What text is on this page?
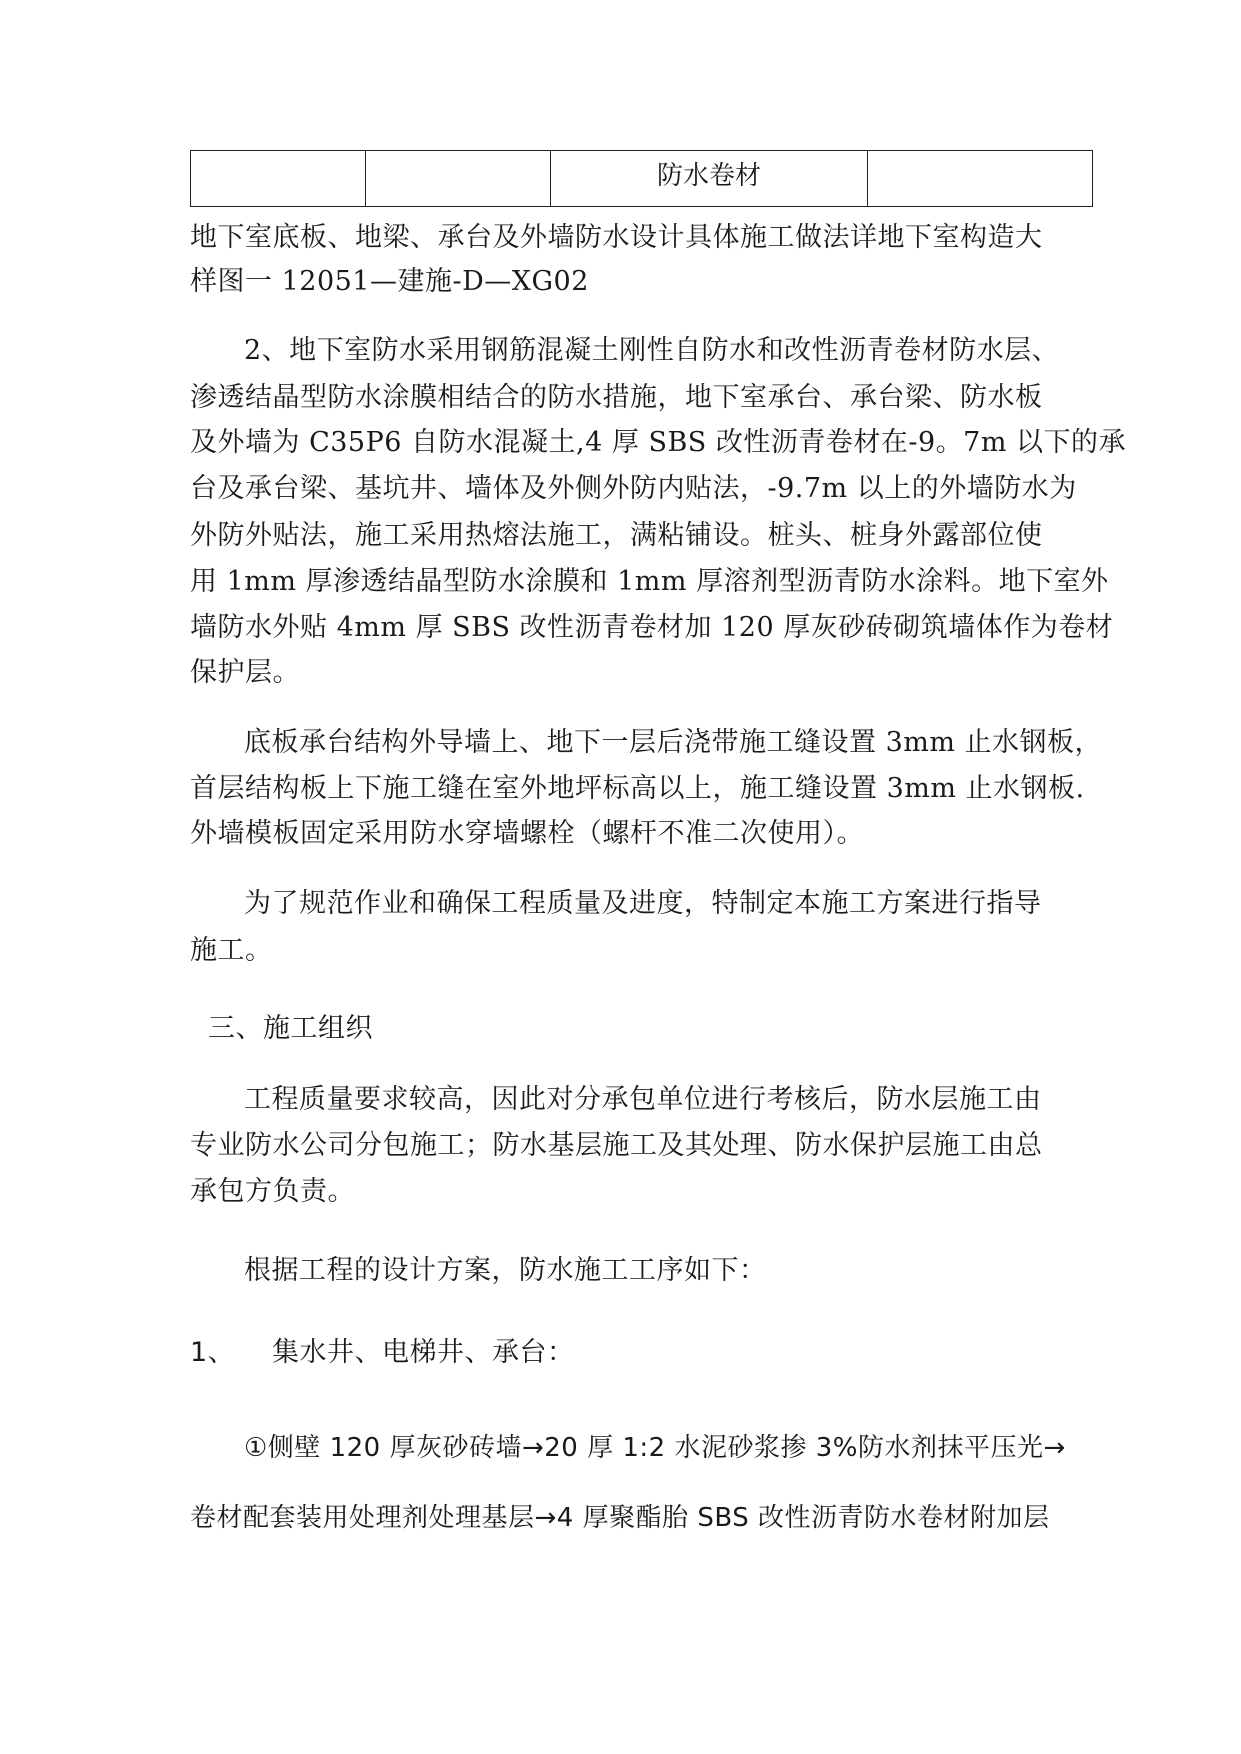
		防水卷材	
地下室底板、地梁、承台及外墙防水设计具体施工做法详地下室构造大
样图一 12051—建施-D—XG02
2、地下室防水采用钢筋混凝土刚性自防水和改性沥青卷材防水层、
渗透结晶型防水涂膜相结合的防水措施，地下室承台、承台梁、防水板
及外墙为 C35P6 自防水混凝土,4 厚 SBS 改性沥青卷材在-9。7m 以下的承
台及承台梁、基坑井、墙体及外侧外防内贴法，-9.7m 以上的外墙防水为
外防外贴法，施工采用热熔法施工，满粘铺设。桩头、桩身外露部位使
用 1mm 厚渗透结晶型防水涂膜和 1mm 厚溶剂型沥青防水涂料。地下室外
墙防水外贴 4mm 厚 SBS 改性沥青卷材加 120 厚灰砂砖砌筑墙体作为卷材
保护层。
底板承台结构外导墙上、地下一层后浇带施工缝设置 3mm 止水钢板，
首层结构板上下施工缝在室外地坪标高以上，施工缝设置 3mm 止水钢板.
外墙模板固定采用防水穿墙螺栓（螺杆不准二次使用）。
为了规范作业和确保工程质量及进度，特制定本施工方案进行指导
施工。
三、施工组织
工程质量要求较高，因此对分承包单位进行考核后，防水层施工由
专业防水公司分包施工；防水基层施工及其处理、防水保护层施工由总
承包方负责。
根据工程的设计方案，防水施工工序如下：
1、 集水井、电梯井、承台：
①侧壁 120 厚灰砂砖墙→20 厚 1:2 水泥砂浆掺 3%防水剂抹平压光→
卷材配套装用处理剂处理基层→4 厚聚酯胎 SBS 改性沥青防水卷材附加层
